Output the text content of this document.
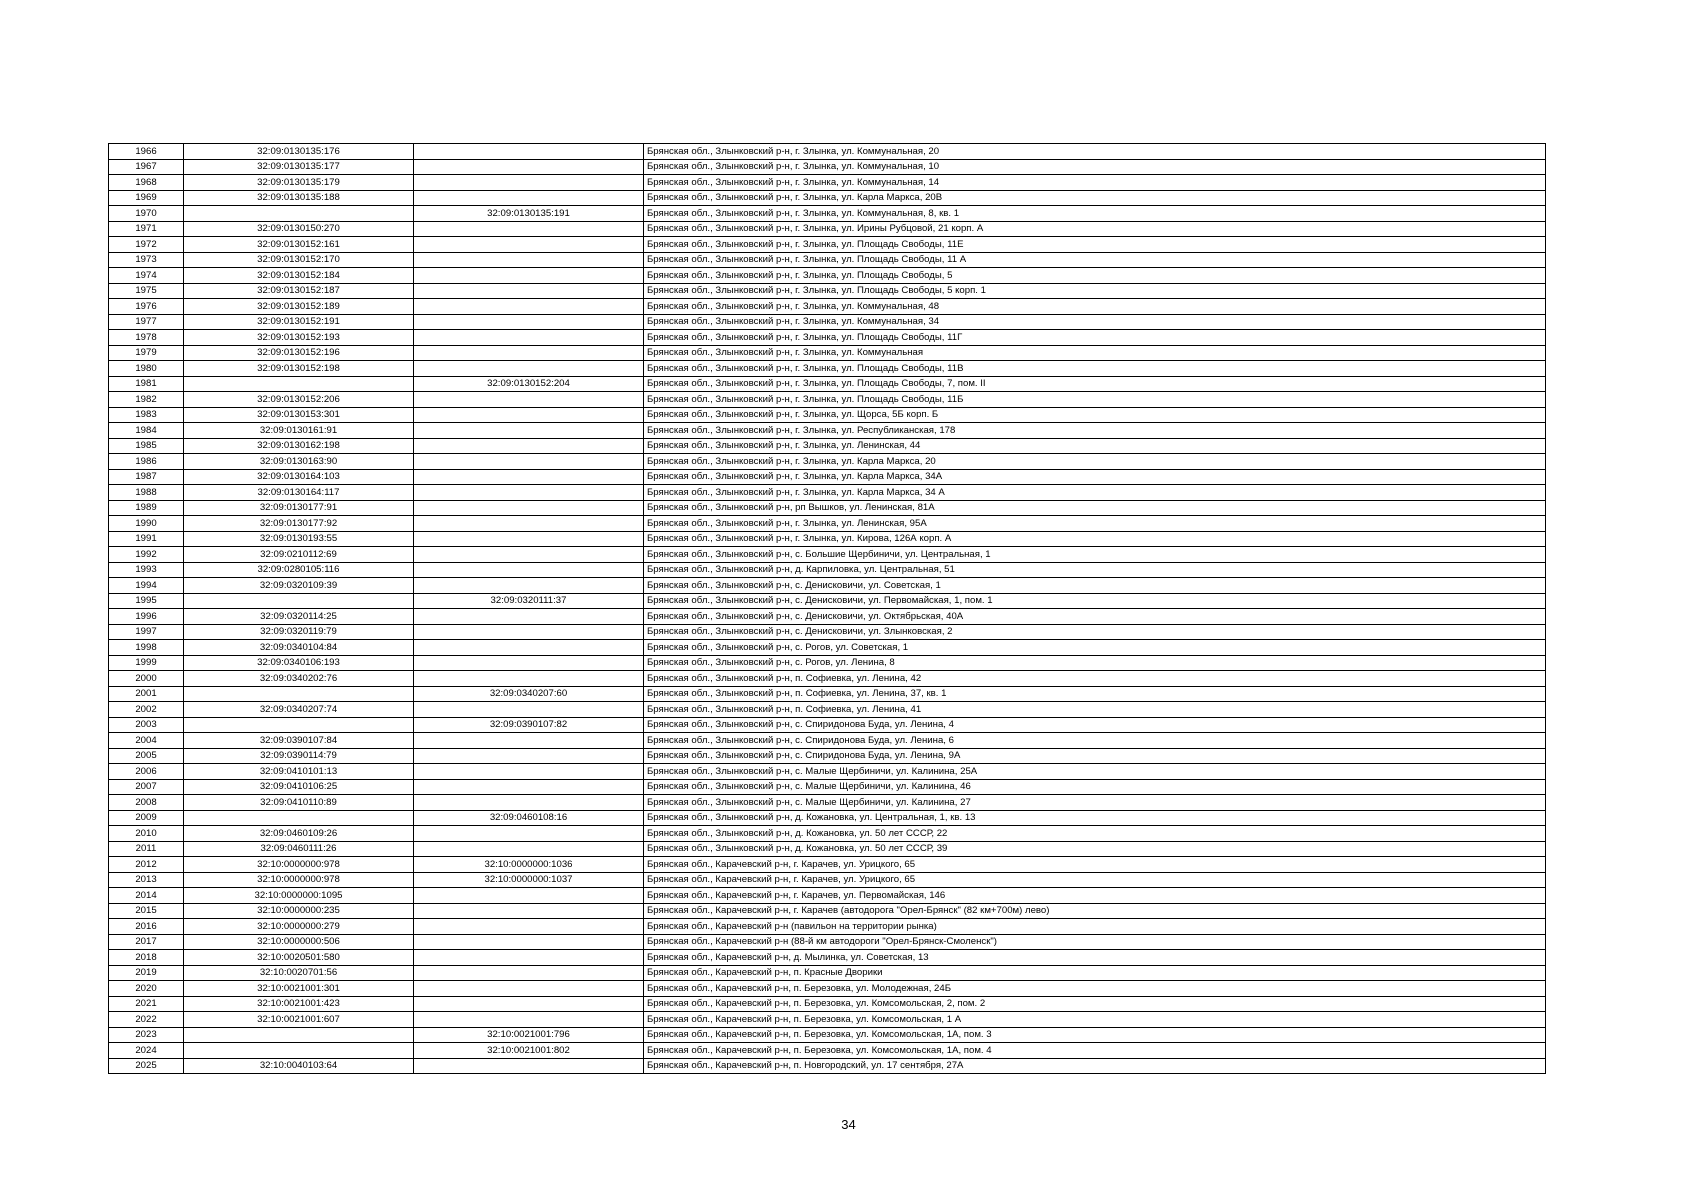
1966	32:09:0130135:176		Брянская обл., Злынковский р-н, г. Злынка, ул. Коммунальная, 20
1967	32:09:0130135:177		Брянская обл., Злынковский р-н, г. Злынка, ул. Коммунальная, 10
1968	32:09:0130135:179		Брянская обл., Злынковский р-н, г. Злынка, ул. Коммунальная, 14
1969	32:09:0130135:188		Брянская обл., Злынковский р-н, г. Злынка, ул. Карла Маркса, 20В
1970		32:09:0130135:191	Брянская обл., Злынковский р-н, г. Злынка, ул. Коммунальная, 8, кв. 1
1971	32:09:0130150:270		Брянская обл., Злынковский р-н, г. Злынка, ул. Ирины Рубцовой, 21 корп. А
1972	32:09:0130152:161		Брянская обл., Злынковский р-н, г. Злынка, ул. Площадь Свободы, 11Е
1973	32:09:0130152:170		Брянская обл., Злынковский р-н, г. Злынка, ул. Площадь Свободы, 11 А
1974	32:09:0130152:184		Брянская обл., Злынковский р-н, г. Злынка, ул. Площадь Свободы, 5
1975	32:09:0130152:187		Брянская обл., Злынковский р-н, г. Злынка, ул. Площадь Свободы, 5 корп. 1
1976	32:09:0130152:189		Брянская обл., Злынковский р-н, г. Злынка, ул. Коммунальная, 48
1977	32:09:0130152:191		Брянская обл., Злынковский р-н, г. Злынка, ул. Коммунальная, 34
1978	32:09:0130152:193		Брянская обл., Злынковский р-н, г. Злынка, ул. Площадь Свободы, 11Г
1979	32:09:0130152:196		Брянская обл., Злынковский р-н, г. Злынка, ул. Коммунальная
1980	32:09:0130152:198		Брянская обл., Злынковский р-н, г. Злынка, ул. Площадь Свободы, 11В
1981		32:09:0130152:204	Брянская обл., Злынковский р-н, г. Злынка, ул. Площадь Свободы, 7, пом. II
1982	32:09:0130152:206		Брянская обл., Злынковский р-н, г. Злынка, ул. Площадь Свободы, 11Б
1983	32:09:0130153:301		Брянская обл., Злынковский р-н, г. Злынка, ул. Щорса, 5Б корп. Б
1984	32:09:0130161:91		Брянская обл., Злынковский р-н, г. Злынка, ул. Республиканская, 178
1985	32:09:0130162:198		Брянская обл., Злынковский р-н, г. Злынка, ул. Ленинская, 44
1986	32:09:0130163:90		Брянская обл., Злынковский р-н, г. Злынка, ул. Карла Маркса, 20
1987	32:09:0130164:103		Брянская обл., Злынковский р-н, г. Злынка, ул. Карла Маркса, 34А
1988	32:09:0130164:117		Брянская обл., Злынковский р-н, г. Злынка, ул. Карла Маркса, 34 А
1989	32:09:0130177:91		Брянская обл., Злынковский р-н, рп Вышков, ул. Ленинская, 81А
1990	32:09:0130177:92		Брянская обл., Злынковский р-н, г. Злынка, ул. Ленинская, 95А
1991	32:09:0130193:55		Брянская обл., Злынковский р-н, г. Злынка, ул. Кирова, 126А корп. А
1992	32:09:0210112:69		Брянская обл., Злынковский р-н, с. Большие Щербиничи, ул. Центральная, 1
1993	32:09:0280105:116		Брянская обл., Злынковский р-н, д. Карпиловка, ул. Центральная, 51
1994	32:09:0320109:39		Брянская обл., Злынковский р-н, с. Денисковичи, ул. Советская, 1
1995		32:09:0320111:37	Брянская обл., Злынковский р-н, с. Денисковичи, ул. Первомайская, 1, пом. 1
1996	32:09:0320114:25		Брянская обл., Злынковский р-н, с. Денисковичи, ул. Октябрьская, 40А
1997	32:09:0320119:79		Брянская обл., Злынковский р-н, с. Денисковичи, ул. Злынковская, 2
1998	32:09:0340104:84		Брянская обл., Злынковский р-н, с. Рогов, ул. Советская, 1
1999	32:09:0340106:193		Брянская обл., Злынковский р-н, с. Рогов, ул. Ленина, 8
2000	32:09:0340202:76		Брянская обл., Злынковский р-н, п. Софиевка, ул. Ленина, 42
2001		32:09:0340207:60	Брянская обл., Злынковский р-н, п. Софиевка, ул. Ленина, 37, кв. 1
2002	32:09:0340207:74		Брянская обл., Злынковский р-н, п. Софиевка, ул. Ленина, 41
2003		32:09:0390107:82	Брянская обл., Злынковский р-н, с. Спиридонова Буда, ул. Ленина, 4
2004	32:09:0390107:84		Брянская обл., Злынковский р-н, с. Спиридонова Буда, ул. Ленина, 6
2005	32:09:0390114:79		Брянская обл., Злынковский р-н, с. Спиридонова Буда, ул. Ленина, 9А
2006	32:09:0410101:13		Брянская обл., Злынковский р-н, с. Малые Щербиничи, ул. Калинина, 25А
2007	32:09:0410106:25		Брянская обл., Злынковский р-н, с. Малые Щербиничи, ул. Калинина, 46
2008	32:09:0410110:89		Брянская обл., Злынковский р-н, с. Малые Щербиничи, ул. Калинина, 27
2009		32:09:0460108:16	Брянская обл., Злынковский р-н, д. Кожановка, ул. Центральная, 1, кв. 13
2010	32:09:0460109:26		Брянская обл., Злынковский р-н, д. Кожановка, ул. 50 лет СССР, 22
2011	32:09:0460111:26		Брянская обл., Злынковский р-н, д. Кожановка, ул. 50 лет СССР, 39
2012	32:10:0000000:978	32:10:0000000:1036	Брянская обл., Карачевский р-н, г. Карачев, ул. Урицкого, 65
2013	32:10:0000000:978	32:10:0000000:1037	Брянская обл., Карачевский р-н, г. Карачев, ул. Урицкого, 65
2014	32:10:0000000:1095		Брянская обл., Карачевский р-н, г. Карачев, ул. Первомайская, 146
2015	32:10:0000000:235		Брянская обл., Карачевский р-н, г. Карачев (автодорога "Орел-Брянск" (82 км+700м) лево)
2016	32:10:0000000:279		Брянская обл., Карачевский р-н (павильон на территории рынка)
2017	32:10:0000000:506		Брянская обл., Карачевский р-н (88-й км автодороги "Орел-Брянск-Смоленск")
2018	32:10:0020501:580		Брянская обл., Карачевский р-н, д. Мылинка, ул. Советская, 13
2019	32:10:0020701:56		Брянская обл., Карачевский р-н, п. Красные Дворики
2020	32:10:0021001:301		Брянская обл., Карачевский р-н, п. Березовка, ул. Молодежная, 24Б
2021	32:10:0021001:423		Брянская обл., Карачевский р-н, п. Березовка, ул. Комсомольская, 2, пом. 2
2022	32:10:0021001:607		Брянская обл., Карачевский р-н, п. Березовка, ул. Комсомольская, 1 А
2023		32:10:0021001:796	Брянская обл., Карачевский р-н, п. Березовка, ул. Комсомольская, 1А, пом. 3
2024		32:10:0021001:802	Брянская обл., Карачевский р-н, п. Березовка, ул. Комсомольская, 1А, пом. 4
2025	32:10:0040103:64		Брянская обл., Карачевский р-н, п. Новгородский, ул. 17 сентября, 27А
34
